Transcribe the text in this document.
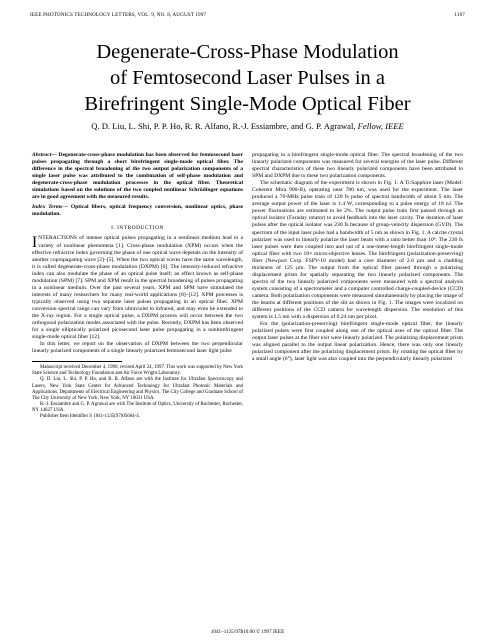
IEEE PHOTONICS TECHNOLOGY LETTERS, VOL. 9, NO. 8, AUGUST 1997	1107
Degenerate-Cross-Phase Modulation
of Femtosecond Laser Pulses in a
Birefringent Single-Mode Optical Fiber
Q. D. Liu, L. Shi, P. P. Ho, R. R. Alfano, R.-J. Essiambre, and G. P. Agrawal, Fellow, IEEE

Abstract— Degenerate-cross-phase modulation has been observed for femtosecond laser pulses propagating through a short birefringent single-mode optical fiber. The difference in the spectral broadening of the two output polarization components of a single laser pulse was attributed to the combination of self-phase modulation and degenerate-cross-phase modulation processes in the optical fiber. Theoretical simulations based on the solutions of the two coupled nonlinear Schrödinger equations are in good agreement with the measured results.

Index Terms— Optical fibers, optical frequency conversion, nonlinear optics, phase modulation.

I. INTRODUCTION

INTERACTIONS of intense optical pulses propagating in a nonlinear medium lead to a variety of nonlinear phenomena [1]. Cross-phase modulation (XPM) occurs when the effective refractive index governing the phase of one optical wave depends on the intensity of another copropagating wave [2]–[5]. When the two optical waves have the same wavelength, it is called degenerate-cross-phase modulation (DXPM) [6]. The intensity-induced refractive index can also modulate the phase of an optical pulse itself; an effect known as self-phase modulation (SPM) [7]. SPM and XPM result in the spectral broadening of pulses propagating in a nonlinear medium. Over the past several years, XPM and SPM have stimulated the interests of many researchers for many real-world applications [8]–[12]. XPM processes is typically observed using two separate laser pulses propagating in an optical fiber. XPM conversion spectral range can vary from ultraviolet to infrared, and may even be extended to the X-ray region. For a single optical pulse, a DXPM process will occur between the two orthogonal polarization modes associated with the pulse. Recently, DXPM has been observed for a single elliptically polarized picosecond laser pulse propagating in a nonbirefringent single-mode optical fiber [12].

In this letter, we report on the observation of DXPM between the two perpendicular linearly polarized components of a single linearly polarized femtosecond laser light pulse

Manuscript received December 4, 1996; revised April 24, 1997. This work was supported by New York State Science and Technology Foundation and Air Force Wright Laboratory.

Q. D. Liu, L. Shi, P. P. Ho, and R. R. Alfano are with the Institute for Ultrafast Spectroscopy and Lasers, New York State Center for Advanced Technology for Ultrafast Photonic Materials and Applications, Departments of Electrical Engineering and Physics, The City College and Graduate School of The City University of New York, New York, NY 10031 USA.

R.-J. Essiambre and G. P. Agrawal are with The Institute of Optics, University of Rochester, Rochester, NY 14627 USA.

Publisher Item Identifier S 1041-1135(97)05664-4.

propagating in a birefringent single-mode optical fiber. The spectral broadening of the two linearly polarized components was measured for several energies of the laser pulse. Different spectral characteristics of these two linearly polarized components have been attributed to SPM and DXPM due to these two polarization components.

The schematic diagram of the experiment is shown in Fig. 1. A Ti:Sapphire laser (Model: Coherent Mira 900-B), operating near 780 nm, was used for the experiment. The laser produced a 76-MHz pulse train of 120 fs pulse of spectral bandwidth of about 5 nm. The average output power of the laser is 1.4 W, corresponding to a pulse energy of 18 nJ. The power fluctuations are estimated to be 2%. The output pulse train first passed through an optical isolator (Faraday rotator) to avoid feedback into the laser cavity. The duration of laser pulses after the optical isolator was 230 fs because of group-velocity dispersion (GVD). The spectrum of the input laser pulse had a bandwidth of 5 nm as shown in Fig. 1. A calcite crystal polarizer was used to linearly polarize the laser beam with a ratio better than 10⁴. The 230 fs laser pulses were then coupled into and out of a one-meter-length birefringent single-mode optical fiber with two 10× micro-objective lenses. The birefringent (polarization-preserving) fiber (Newport Corp. FSPV-10 model) had a core diameter of 2.6 μm and a cladding thickness of 125 μm. The output from the optical fiber passed through a polarizing displacement prism for spatially separating the two linearly polarized components. The spectra of the two linearly polarized components were measured with a spectral analysis system consisting of a spectrometer and a computer controlled charge-coupled-device (CCD) camera. Both polarization components were measured simultaneously by placing the image of the beams at different positions of the slit as shown in Fig. 1. The images were localized on different positions of the CCD camera for wavelength dispersion. The resolution of this system is 1.5 nm with a dispersion of 0.24 nm per pixel.

For the (polarization-preserving) birefringent single-mode optical fiber, the linearly polarized pulses were first coupled along one of the optical axes of the optical fiber. The output laser pulses at the fiber exit were linearly polarized. The polarizing displacement prism was aligned parallel to the output linear polarization. Hence, there was only one linearly polarized component after the polarizing displacement prism. By rotating the optical fiber by a small angle (6°), laser light was also coupled into the perpendicularly linearly polarized

1041–1135/97$10.00 © 1997 IEEE
